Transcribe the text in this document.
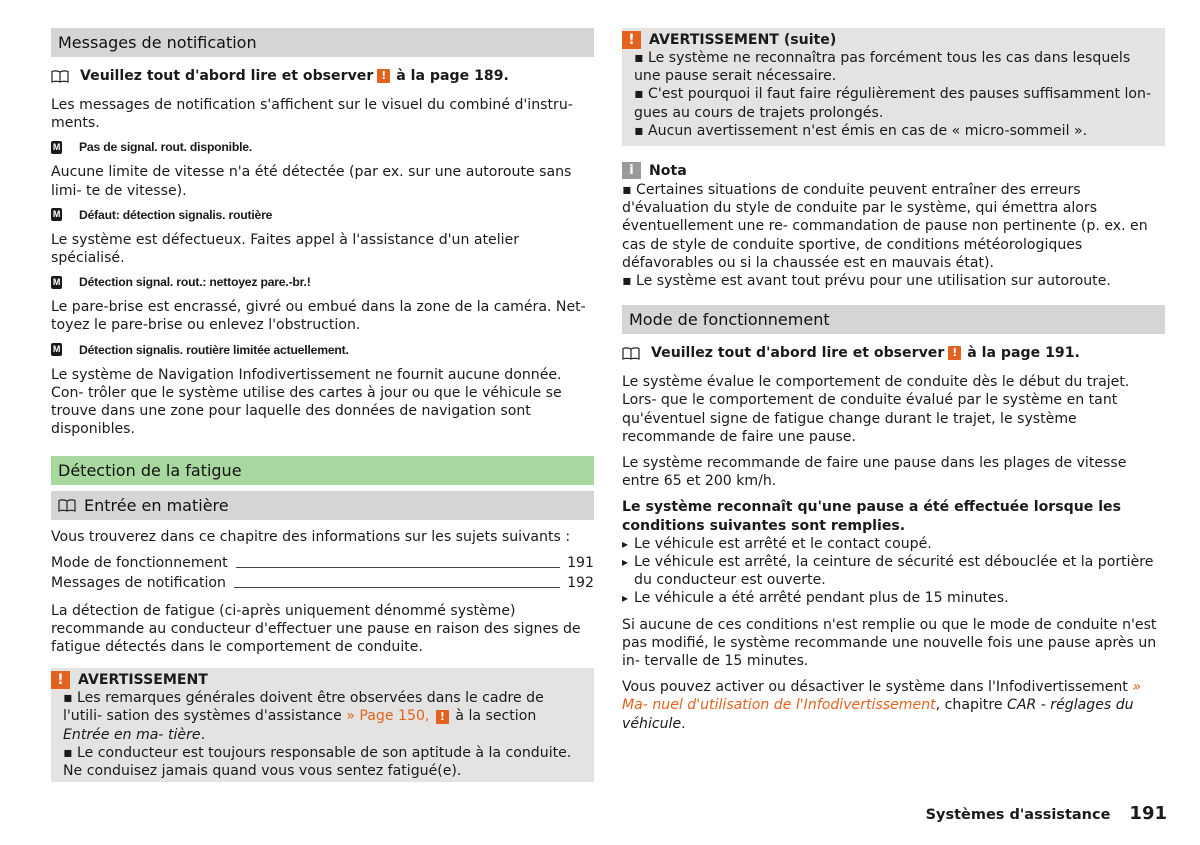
Messages de notification
Veuillez tout d'abord lire et observer ! à la page 189.

Les messages de notification s'affichent sur le visuel du combiné d'instru- ments.

M Pas de signal. rout. disponible.

Aucune limite de vitesse n'a été détectée (par ex. sur une autoroute sans limi- te de vitesse).

M Défaut: détection signalis. routière

Le système est défectueux. Faites appel à l'assistance d'un atelier spécialisé.

M Détection signal. rout.: nettoyez pare.-br.!

Le pare-brise est encrassé, givré ou embué dans la zone de la caméra. Net- toyez le pare-brise ou enlevez l'obstruction.

M Détection signalis. routière limitée actuellement.

Le système de Navigation Infodivertissement ne fournit aucune donnée. Con- trôler que le système utilise des cartes à jour ou que le véhicule se trouve dans une zone pour laquelle des données de navigation sont disponibles.

Détection de la fatigue
Entrée en matière

Vous trouverez dans ce chapitre des informations sur les sujets suivants :

Mode de fonctionnement	191
Messages de notification	192

La détection de fatigue (ci-après uniquement dénommé système) recommande au conducteur d'effectuer une pause en raison des signes de fatigue détectés dans le comportement de conduite.

!	AVERTISSEMENT
▪ Les remarques générales doivent être observées dans le cadre de l'utili- sation des systèmes d'assistance » Page 150, ! à la section Entrée en ma- tière.
▪ Le conducteur est toujours responsable de son aptitude à la conduite. Ne conduisez jamais quand vous vous sentez fatigué(e).
!	AVERTISSEMENT (suite)
▪ Le système ne reconnaîtra pas forcément tous les cas dans lesquels une pause serait nécessaire.
▪ C'est pourquoi il faut faire régulièrement des pauses suffisamment lon- gues au cours de trajets prolongés.
▪ Aucun avertissement n'est émis en cas de « micro-sommeil ».
i	Nota
▪ Certaines situations de conduite peuvent entraîner des erreurs d'évaluation du style de conduite par le système, qui émettra alors éventuellement une re- commandation de pause non pertinente (p. ex. en cas de style de conduite sportive, de conditions météorologiques défavorables ou si la chaussée est en mauvais état).
▪ Le système est avant tout prévu pour une utilisation sur autoroute.
Mode de fonctionnement
Veuillez tout d'abord lire et observer ! à la page 191.

Le système évalue le comportement de conduite dès le début du trajet. Lors- que le comportement de conduite évalué par le système en tant qu'éventuel signe de fatigue change durant le trajet, le système recommande de faire une pause.

Le système recommande de faire une pause dans les plages de vitesse entre 65 et 200 km/h.

Le système reconnaît qu'une pause a été effectuée lorsque les conditions suivantes sont remplies.

▸ Le véhicule est arrêté et le contact coupé.
▸ Le véhicule est arrêté, la ceinture de sécurité est débouclée et la portière du conducteur est ouverte.
▸ Le véhicule a été arrêté pendant plus de 15 minutes.

Si aucune de ces conditions n'est remplie ou que le mode de conduite n'est pas modifié, le système recommande une nouvelle fois une pause après un in- tervalle de 15 minutes.

Vous pouvez activer ou désactiver le système dans l'Infodivertissement » Ma- nuel d'utilisation de l'Infodivertissement, chapitre CAR - réglages du véhicule.

Systèmes d'assistance 191
